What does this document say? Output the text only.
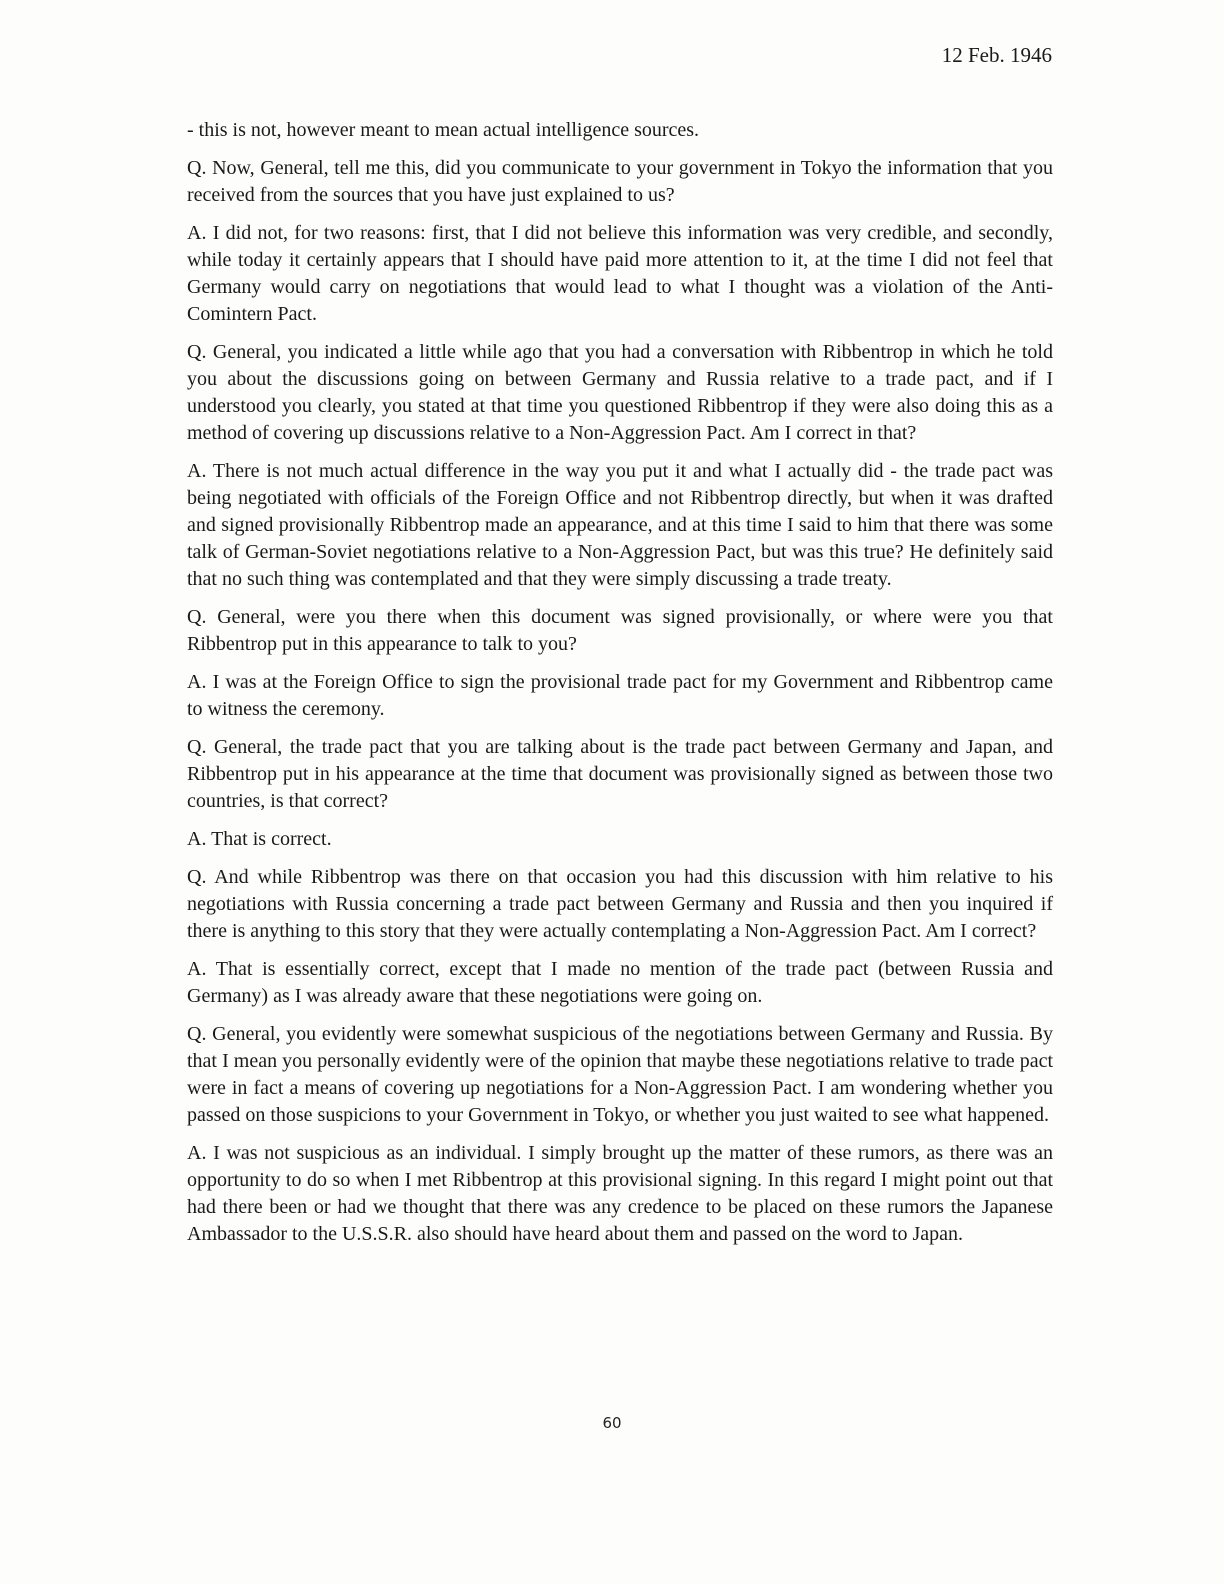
12 Feb. 1946

- this is not, however meant to mean actual intelligence sources.

Q. Now, General, tell me this, did you communicate to your government in Tokyo the information that you received from the sources that you have just explained to us?

A. I did not, for two reasons: first, that I did not believe this information was very credible, and secondly, while today it certainly appears that I should have paid more attention to it, at the time I did not feel that Germany would carry on negotiations that would lead to what I thought was a violation of the Anti-Comintern Pact.

Q. General, you indicated a little while ago that you had a conversation with Ribbentrop in which he told you about the discussions going on between Germany and Russia relative to a trade pact, and if I understood you clearly, you stated at that time you questioned Ribbentrop if they were also doing this as a method of covering up discussions relative to a Non-Aggression Pact. Am I correct in that?

A. There is not much actual difference in the way you put it and what I actually did - the trade pact was being negotiated with officials of the Foreign Office and not Ribbentrop directly, but when it was drafted and signed provisionally Ribbentrop made an appearance, and at this time I said to him that there was some talk of German-Soviet negotiations relative to a Non-Aggression Pact, but was this true? He definitely said that no such thing was contemplated and that they were simply discussing a trade treaty.

Q. General, were you there when this document was signed provisionally, or where were you that Ribbentrop put in this appearance to talk to you?

A. I was at the Foreign Office to sign the provisional trade pact for my Government and Ribbentrop came to witness the ceremony.

Q. General, the trade pact that you are talking about is the trade pact between Germany and Japan, and Ribbentrop put in his appearance at the time that document was provisionally signed as between those two countries, is that correct?

A. That is correct.

Q. And while Ribbentrop was there on that occasion you had this discussion with him relative to his negotiations with Russia concerning a trade pact between Germany and Russia and then you inquired if there is anything to this story that they were actually contemplating a Non-Aggression Pact. Am I correct?

A. That is essentially correct, except that I made no mention of the trade pact (between Russia and Germany) as I was already aware that these negotiations were going on.

Q. General, you evidently were somewhat suspicious of the negotiations between Germany and Russia. By that I mean you personally evidently were of the opinion that maybe these negotiations relative to trade pact were in fact a means of covering up negotiations for a Non-Aggression Pact. I am wondering whether you passed on those suspicions to your Government in Tokyo, or whether you just waited to see what happened.

A. I was not suspicious as an individual. I simply brought up the matter of these rumors, as there was an opportunity to do so when I met Ribbentrop at this provisional signing. In this regard I might point out that had there been or had we thought that there was any credence to be placed on these rumors the Japanese Ambassador to the U.S.S.R. also should have heard about them and passed on the word to Japan.

60
